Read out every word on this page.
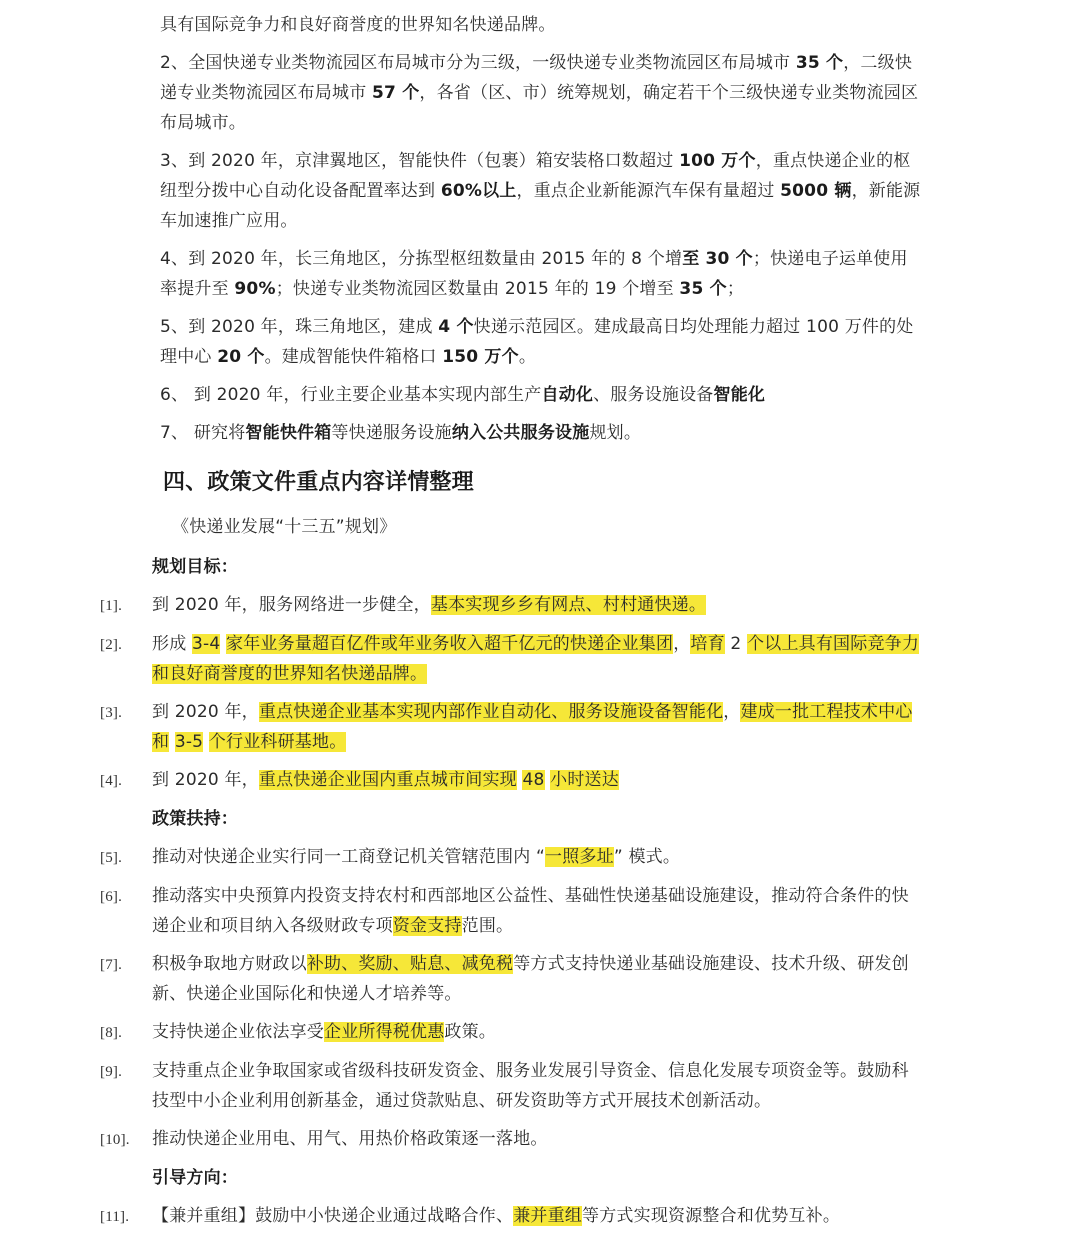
具有国际竞争力和良好商誉度的世界知名快递品牌。
2、全国快递专业类物流园区布局城市分为三级，一级快递专业类物流园区布局城市 35 个，二级快递专业类物流园区布局城市 57 个，各省（区、市）统筹规划，确定若干个三级快递专业类物流园区布局城市。
3、到 2020 年，京津翼地区，智能快件（包裹）箱安装格口数超过 100 万个，重点快递企业的枢纽型分拨中心自动化设备配置率达到 60%以上，重点企业新能源汽车保有量超过 5000 辆，新能源车加速推广应用。
4、到 2020 年，长三角地区，分拣型枢纽数量由 2015 年的 8 个增至 30 个；快递电子运单使用率提升至 90%；快递专业类物流园区数量由 2015 年的 19 个增至 35 个；
5、到 2020 年，珠三角地区，建成 4 个快递示范园区。建成最高日均处理能力超过 100 万件的处理中心 20 个。建成智能快件箱格口 150 万个。
6、 到 2020 年，行业主要企业基本实现内部生产自动化、服务设施设备智能化
7、 研究将智能快件箱等快递服务设施纳入公共服务设施规划。
四、政策文件重点内容详情整理
《快递业发展“十三五”规划》
规划目标：
[1].	到 2020 年，服务网络进一步健全，基本实现乡乡有网点、村村通快递。
[2].	形成 3-4 家年业务量超百亿件或年业务收入超千亿元的快递企业集团，培育 2 个以上具有国际竞争力和良好商誉度的世界知名快递品牌。
[3].	到 2020 年，重点快递企业基本实现内部作业自动化、服务设施设备智能化，建成一批工程技术中心和 3-5 个行业科研基地。
[4].	到 2020 年，重点快递企业国内重点城市间实现 48 小时送达
政策扶持：
[5].	推动对快递企业实行同一工商登记机关管辖范围内 “一照多址” 模式。
[6].	推动落实中央预算内投资支持农村和西部地区公益性、基础性快递基础设施建设，推动符合条件的快递企业和项目纳入各级财政专项资金支持范围。
[7].	积极争取地方财政以补助、奖励、贴息、减免税等方式支持快递业基础设施建设、技术升级、研发创新、快递企业国际化和快递人才培养等。
[8].	支持快递企业依法享受企业所得税优惠政策。
[9].	支持重点企业争取国家或省级科技研发资金、服务业发展引导资金、信息化发展专项资金等。鼓励科技型中小企业利用创新基金，通过贷款贴息、研发资助等方式开展技术创新活动。
[10].	推动快递企业用电、用气、用热价格政策逐一落地。
引导方向：
[11].	【兼并重组】鼓励中小快递企业通过战略合作、兼并重组等方式实现资源整合和优势互补。
